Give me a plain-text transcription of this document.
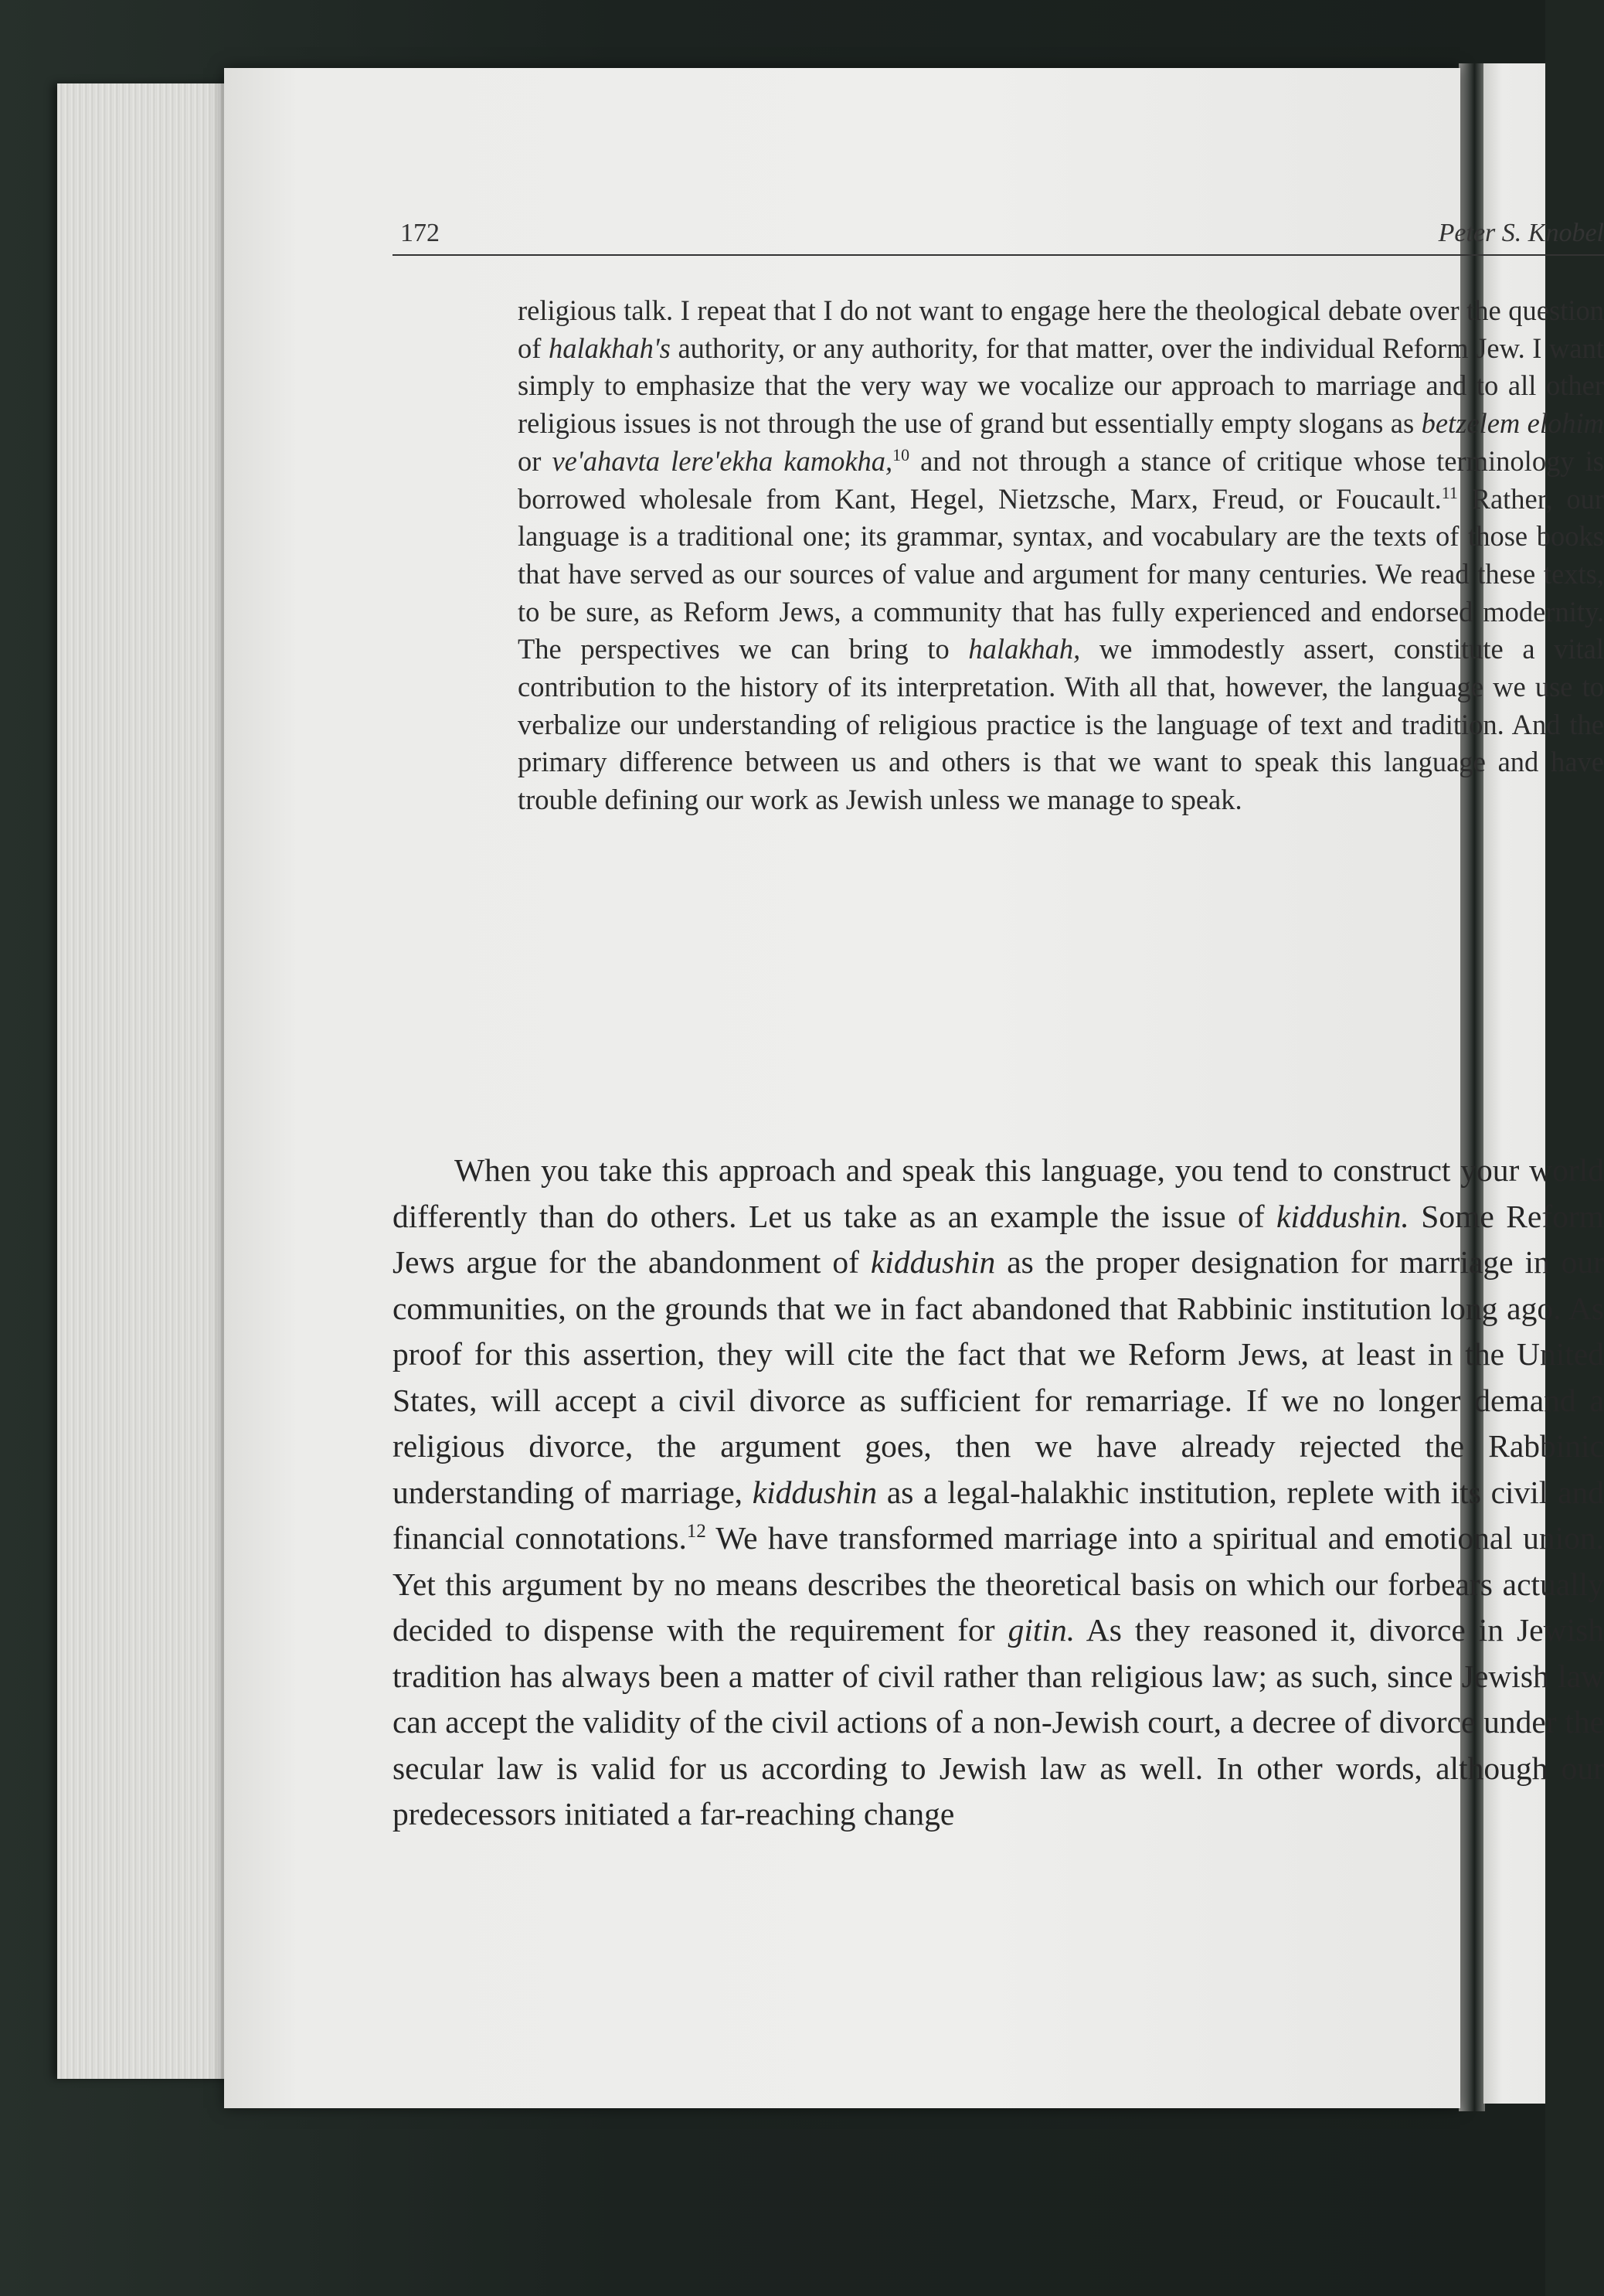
172	Peter S. Knobel

religious talk. I repeat that I do not want to engage here the theological debate over the question of halakhah's authority, or any authority, for that matter, over the individual Reform Jew. I want simply to emphasize that the very way we vocalize our approach to marriage and to all other religious issues is not through the use of grand but essentially empty slogans as betzelem elohim or ve'ahavta lere'ekha kamokha,$^{10}$ and not through a stance of critique whose terminology is borrowed wholesale from Kant, Hegel, Nietzsche, Marx, Freud, or Foucault.$^{11}$ Rather, our language is a traditional one; its grammar, syntax, and vocabulary are the texts of those books that have served as our sources of value and argument for many centuries. We read these texts, to be sure, as Reform Jews, a community that has fully experienced and endorsed modernity. The perspectives we can bring to halakhah, we immodestly assert, constitute a vital contribution to the history of its interpretation. With all that, however, the language we use to verbalize our understanding of religious practice is the language of text and tradition. And the primary difference between us and others is that we want to speak this language and have trouble defining our work as Jewish unless we manage to speak.

When you take this approach and speak this language, you tend to construct your world differently than do others. Let us take as an example the issue of kiddushin. Some Reform Jews argue for the abandonment of kiddushin as the proper designation for marriage in our communities, on the grounds that we in fact abandoned that Rabbinic institution long ago. As proof for this assertion, they will cite the fact that we Reform Jews, at least in the United States, will accept a civil divorce as sufficient for remarriage. If we no longer demand a religious divorce, the argument goes, then we have already rejected the Rabbinic understanding of marriage, kiddushin as a legal-halakhic institution, replete with its civil and financial connotations.$^{12}$ We have transformed marriage into a spiritual and emotional union. Yet this argument by no means describes the theoretical basis on which our forbears actually decided to dispense with the requirement for gitin. As they reasoned it, divorce in Jewish tradition has always been a matter of civil rather than religious law; as such, since Jewish law can accept the validity of the civil actions of a non-Jewish court, a decree of divorce under the secular law is valid for us according to Jewish law as well. In other words, although our predecessors initiated a far-reaching change
